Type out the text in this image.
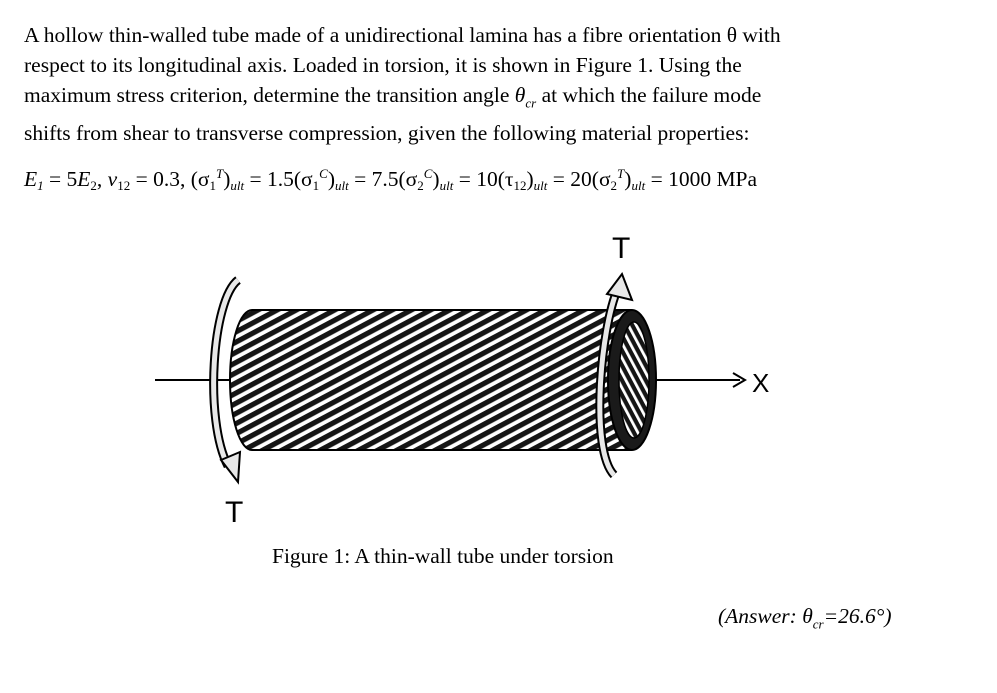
A hollow thin-walled tube made of a unidirectional lamina has a fibre orientation θ with

respect to its longitudinal axis. Loaded in torsion, it is shown in Figure 1. Using the

maximum stress criterion, determine the transition angle $\theta_{cr}$ at which the failure mode

shifts from shear to transverse compression, given the following material properties:

$E_1 = 5E_2$, $\nu_{12} = 0.3$, $(\sigma_1^T)_{ult} = 1.5(\sigma_1^C)_{ult} = 7.5(\sigma_2^C)_{ult} = 10(\tau_{12})_{ult} = 20(\sigma_2^T)_{ult} = 1000$ MPa
T
T
X
Figure 1: A thin-wall tube under torsion
(Answer: $\theta_{cr}=26.6^\circ$)
